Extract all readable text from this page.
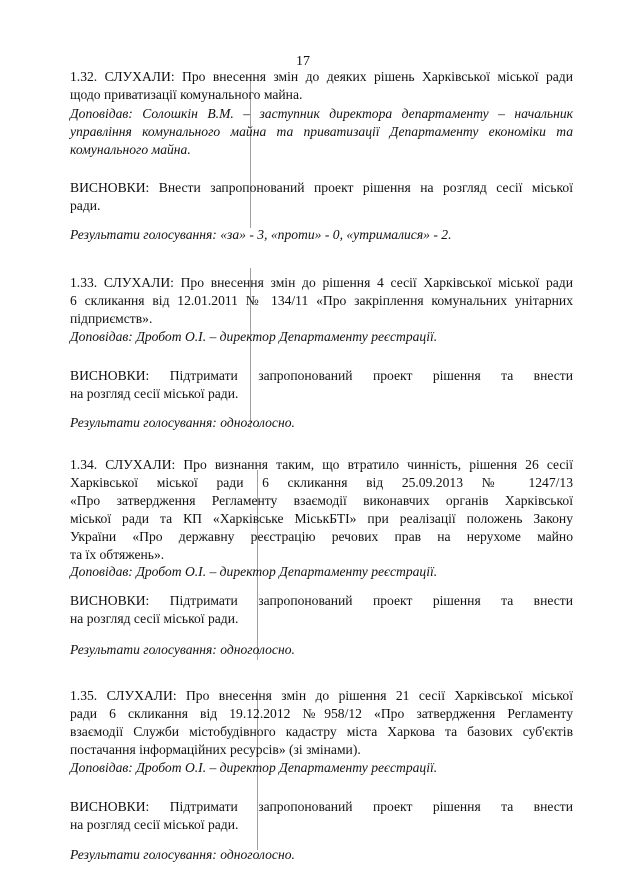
17
1.32. СЛУХАЛИ: Про внесення змін до деяких рішень Харківської міської ради
щодо приватизації комунального майна.
Доповідав: Солошкін В.М. – заступник директора департаменту – начальник
управління комунального майна та приватизації Департаменту економіки та
комунального майна.
ВИСНОВКИ: Внести запропонований проект рішення на розгляд сесії міської
ради.
Результати голосування: «за» - 3, «проти» - 0, «утрималися» - 2.
1.33. СЛУХАЛИ: Про внесення змін до рішення 4 сесії Харківської міської ради
6 скликання від 12.01.2011 № 134/11 «Про закріплення комунальних унітарних
підприємств».
Доповідав: Дробот О.І. – директор Департаменту реєстрації.
ВИСНОВКИ: Підтримати запропонований проект рішення та внести
на розгляд сесії міської ради.
Результати голосування: одноголосно.
1.34. СЛУХАЛИ: Про визнання таким, що втратило чинність, рішення 26 сесії
Харківської міської ради 6 скликання від 25.09.2013 № 1247/13
«Про затвердження Регламенту взаємодії виконавчих органів Харківської
міської ради та КП «Харківське МіськБТІ» при реалізації положень Закону
України «Про державну реєстрацію речових прав на нерухоме майно
та їх обтяжень».
Доповідав: Дробот О.І. – директор Департаменту реєстрації.
ВИСНОВКИ: Підтримати запропонований проект рішення та внести
на розгляд сесії міської ради.
Результати голосування: одноголосно.
1.35. СЛУХАЛИ: Про внесення змін до рішення 21 сесії Харківської міської
ради 6 скликання від 19.12.2012 №958/12 «Про затвердження Регламенту
взаємодії Служби містобудівного кадастру міста Харкова та базових суб'єктів
постачання інформаційних ресурсів» (зі змінами).
Доповідав: Дробот О.І. – директор Департаменту реєстрації.
ВИСНОВКИ: Підтримати запропонований проект рішення та внести
на розгляд сесії міської ради.
Результати голосування: одноголосно.
